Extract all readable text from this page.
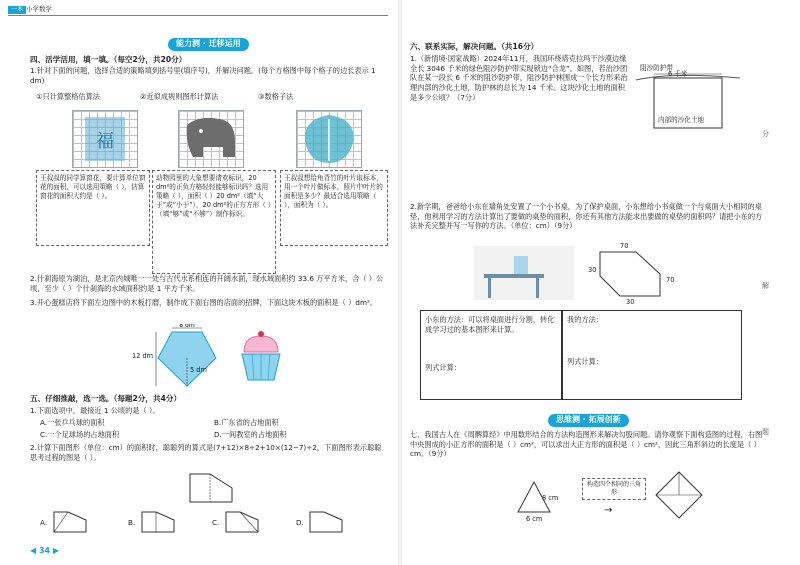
一本 小学数学
能力测 · 迁移运用
四、活学活用，填一填。（每空2分，共20分）
1.针对下面的问题，选择合适的策略填到括号里(填序号)，并解决问题。(每个方格图中每个格子的边长表示 1 dm)
①只计算整格估算法	②近似成规则图形计算法	③数格子法
福
王叔叔的同学算窗花，要计算单位窗花的面积，可以选用策略（ ），估算窗花的面积大约是（ ）。
动物园里的大象想要请欢标识，20 dm²的正负方格轻轻能够标识吗？选用策略（ ），面积（ ）20 dm²（填“大于”或“小于”），20 dm²的正方方形（ ）（填“够”或“不够”）制作标识。
王叔叔想给龟背竹的叶片取标本，用一个叶片做标本，照片中叶片的面积是多少？最适合选用策略（ ），面积为（ ）。
2.什刹海原为湖泊，是北京内城唯一一处与古代水系相连的开阔水面，现水域面积约 33.6 万平方米，合（ ）公顷，至少（ ）个什刹海的水域面积约是 1 平方千米。
3.开心蛋糕店将下面左边图中的木板打磨，制作成下面右图的店面的招牌，下面这块木板的面积是（ ）dm²。
8 dm
12 dm
5 dm
五、仔细推敲，选一选。（每题2分，共4分）
1.下面选项中，最接近 1 公顷的是（ ）。
A.一张乒乓球的面积	B.广东省的占地面积
C.一个足球场的占地面积	D.一间教室的占地面积
2.计算下面图形（单位：cm）的面积时，聪聪列的算式是(7+12)×8÷2+10×(12−7)÷2，下面图形表示聪聪思考过程的图是（ ）。
A.	B.	C.	D.
◀ 34 ▶
六、联系实际，解决问题。（共16分）
1.（新情境·国家战略）2024年11月，我国环绕塔克拉玛干沙漠边缘全长 3046 千米的绿色阻沙防护带实现锁边“合龙”。如图，若治沙团队在某一段长 6 千米的阻沙防护带，阻沙防护林围成一个长方形来治理内部的沙化土地，防护林的总长为 14 千米。这块沙化土地的面积是多少公顷？（7分）
阻沙防护带
6 千米
内部的沙化土地
2.新学期，爸爸给小东在墙角处安置了一个小书桌，为了保护桌面，小东想给小书桌做一个与桌面大小相同的桌垫，他利用学习的方法计算出了要做的桌垫的面积，你还有其他方法能求出要做的桌垫的面积吗？请把小东的方法补充完整并写一写你的方法。（单位：cm）（9分）
70
30
70
30
小东的方法：可以将桌面进行分割，转化成学习过的基本图形来计算。
列式计算：
我的方法：
列式计算：
思维测 · 拓展创新
七、我国古人在《周髀算经》中用数形结合的方法构造图形来解决勾股问题。请你观察下面构造图的过程，右图中央围成的小正方形的面积是（ ）cm²，可以求出大正方形的面积是（ ）cm²，因此三角形斜边的长度是（ ）cm。（9分）
8 cm
6 cm
构造四个相同的三角形
→
分
解
题
